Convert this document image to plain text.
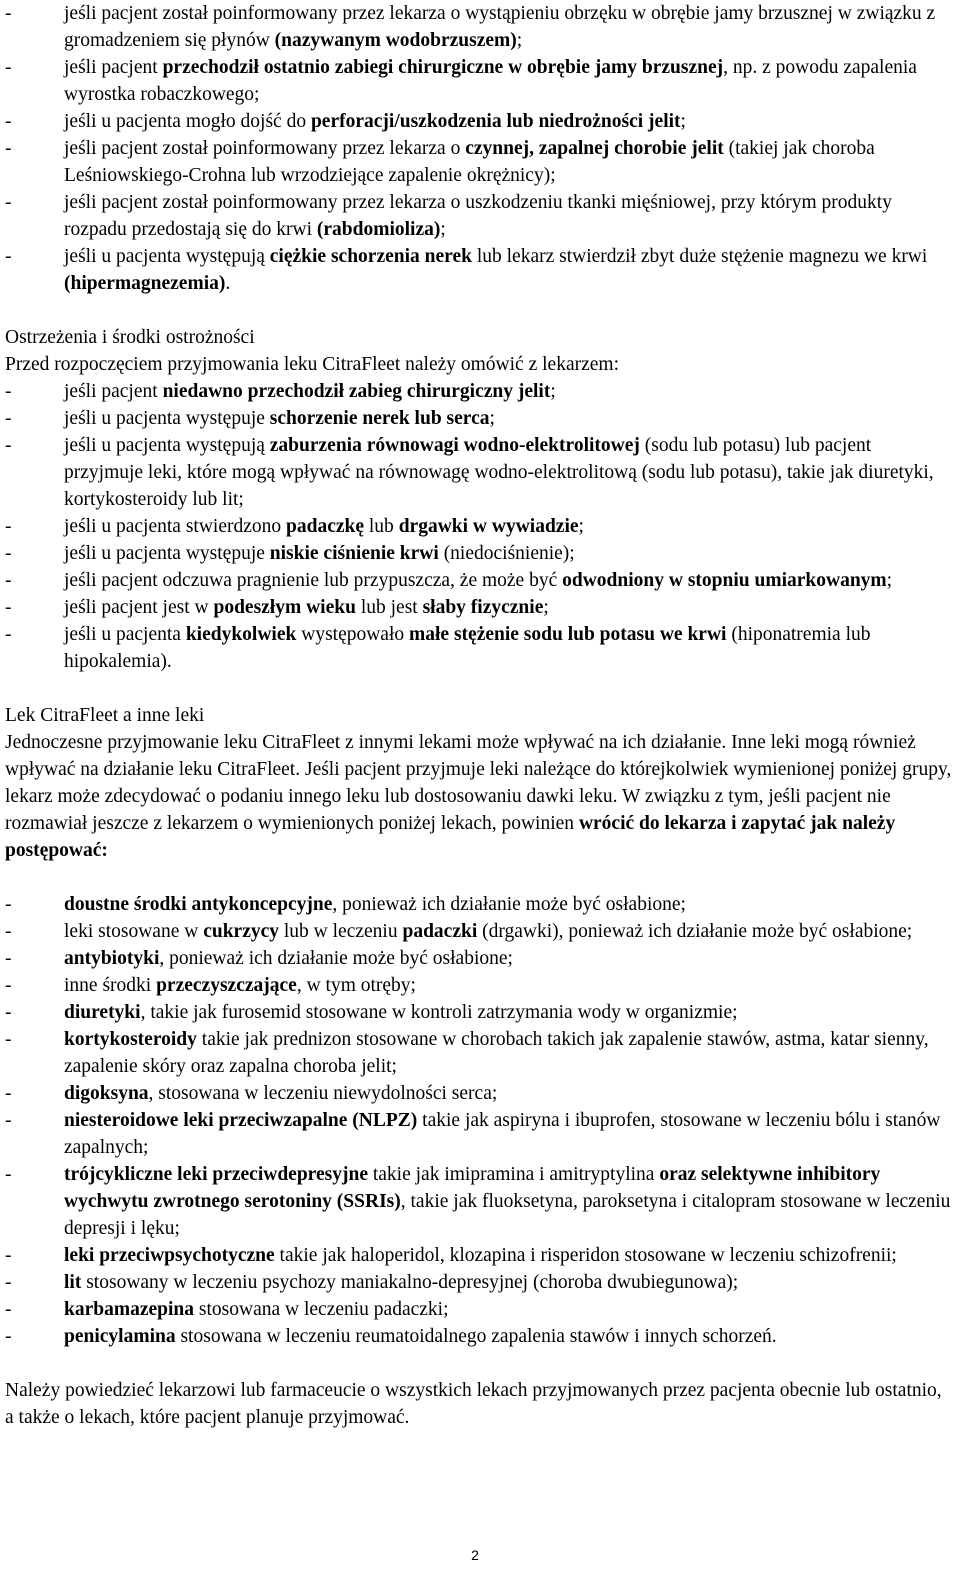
-	jeśli pacjent został poinformowany przez lekarza o wystąpieniu obrzęku w obrębie jamy brzusznej w związku z gromadzeniem się płynów (nazywanym wodobrzuszem);
-	jeśli pacjent przechodził ostatnio zabiegi chirurgiczne w obrębie jamy brzusznej, np. z powodu zapalenia wyrostka robaczkowego;
-	jeśli u pacjenta mogło dojść do perforacji/uszkodzenia lub niedrożności jelit;
-	jeśli pacjent został poinformowany przez lekarza o czynnej, zapalnej chorobie jelit (takiej jak choroba Leśniowskiego-Crohna lub wrzodziejące zapalenie okrężnicy);
-	jeśli pacjent został poinformowany przez lekarza o uszkodzeniu tkanki mięśniowej, przy którym produkty rozpadu przedostają się do krwi (rabdomioliza);
-	jeśli u pacjenta występują ciężkie schorzenia nerek lub lekarz stwierdził zbyt duże stężenie magnezu we krwi (hipermagnezemia).
Ostrzeżenia i środki ostrożności
Przed rozpoczęciem przyjmowania leku CitraFleet należy omówić z lekarzem:
-	jeśli pacjent niedawno przechodził zabieg chirurgiczny jelit;
-	jeśli u pacjenta występuje schorzenie nerek lub serca;
-	jeśli u pacjenta występują zaburzenia równowagi wodno-elektrolitowej (sodu lub potasu) lub pacjent przyjmuje leki, które mogą wpływać na równowagę wodno-elektrolitową (sodu lub potasu), takie jak diuretyki, kortykosteroidy lub lit;
-	jeśli u pacjenta stwierdzono padaczkę lub drgawki w wywiadzie;
-	jeśli u pacjenta występuje niskie ciśnienie krwi (niedociśnienie);
-	jeśli pacjent odczuwa pragnienie lub przypuszcza, że może być odwodniony w stopniu umiarkowanym;
-	jeśli pacjent jest w podeszłym wieku lub jest słaby fizycznie;
-	jeśli u pacjenta kiedykolwiek występowało małe stężenie sodu lub potasu we krwi (hiponatremia lub hipokalemia).
Lek CitraFleet a inne leki
Jednoczesne przyjmowanie leku CitraFleet z innymi lekami może wpływać na ich działanie. Inne leki mogą również wpływać na działanie leku CitraFleet. Jeśli pacjent przyjmuje leki należące do którejkolwiek wymienionej poniżej grupy, lekarz może zdecydować o podaniu innego leku lub dostosowaniu dawki leku. W związku z tym, jeśli pacjent nie rozmawiał jeszcze z lekarzem o wymienionych poniżej lekach, powinien wrócić do lekarza i zapytać jak należy postępować:
-	doustne środki antykoncepcyjne, ponieważ ich działanie może być osłabione;
-	leki stosowane w cukrzycy lub w leczeniu padaczki (drgawki), ponieważ ich działanie może być osłabione;
-	antybiotyki, ponieważ ich działanie może być osłabione;
-	inne środki przeczyszczające, w tym otręby;
-	diuretyki, takie jak furosemid stosowane w kontroli zatrzymania wody w organizmie;
-	kortykosteroidy takie jak prednizon stosowane w chorobach takich jak zapalenie stawów, astma, katar sienny, zapalenie skóry oraz zapalna choroba jelit;
-	digoksyna, stosowana w leczeniu niewydolności serca;
-	niesteroidowe leki przeciwzapalne (NLPZ) takie jak aspiryna i ibuprofen, stosowane w leczeniu bólu i stanów zapalnych;
-	trójcykliczne leki przeciwdepresyjne takie jak imipramina i amitryptylina oraz selektywne inhibitory wychwytu zwrotnego serotoniny (SSRIs), takie jak fluoksetyna, paroksetyna i citalopram stosowane w leczeniu depresji i lęku;
-	leki przeciwpsychotyczne takie jak haloperidol, klozapina i risperidon stosowane w leczeniu schizofrenii;
-	lit stosowany w leczeniu psychozy maniakalno-depresyjnej (choroba dwubiegunowa);
-	karbamazepina stosowana w leczeniu padaczki;
-	penicylamina stosowana w leczeniu reumatoidalnego zapalenia stawów i innych schorzeń.
Należy powiedzieć lekarzowi lub farmaceucie o wszystkich lekach przyjmowanych przez pacjenta obecnie lub ostatnio, a także o lekach, które pacjent planuje przyjmować.
2
